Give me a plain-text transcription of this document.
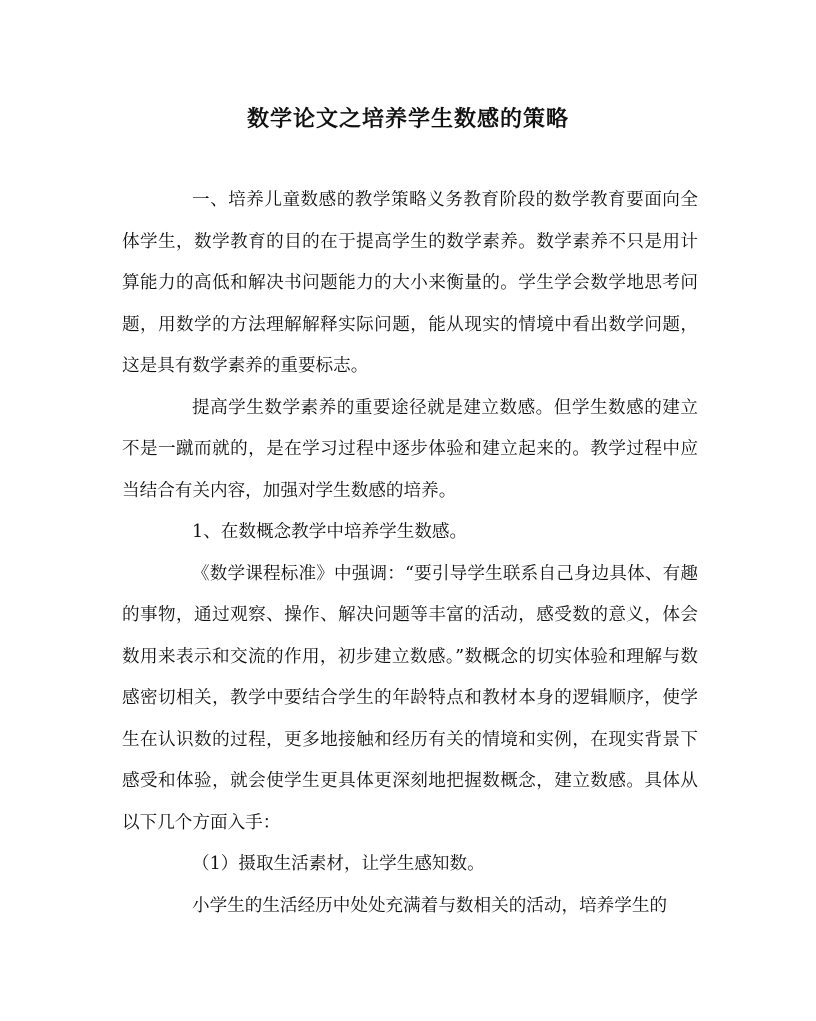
数学论文之培养学生数感的策略

一、培养儿童数感的教学策略义务教育阶段的数学教育要面向全体学生，数学教育的目的在于提高学生的数学素养。数学素养不只是用计算能力的高低和解决书问题能力的大小来衡量的。学生学会数学地思考问题，用数学的方法理解解释实际问题，能从现实的情境中看出数学问题，这是具有数学素养的重要标志。

提高学生数学素养的重要途径就是建立数感。但学生数感的建立不是一蹴而就的，是在学习过程中逐步体验和建立起来的。教学过程中应当结合有关内容，加强对学生数感的培养。

1、在数概念教学中培养学生数感。

《数学课程标准》中强调：“要引导学生联系自己身边具体、有趣的事物，通过观察、操作、解决问题等丰富的活动，感受数的意义，体会数用来表示和交流的作用，初步建立数感。”数概念的切实体验和理解与数感密切相关，教学中要结合学生的年龄特点和教材本身的逻辑顺序，使学生在认识数的过程，更多地接触和经历有关的情境和实例，在现实背景下感受和体验，就会使学生更具体更深刻地把握数概念，建立数感。具体从以下几个方面入手：

（1）摄取生活素材，让学生感知数。

小学生的生活经历中处处充满着与数相关的活动，培养学生的
